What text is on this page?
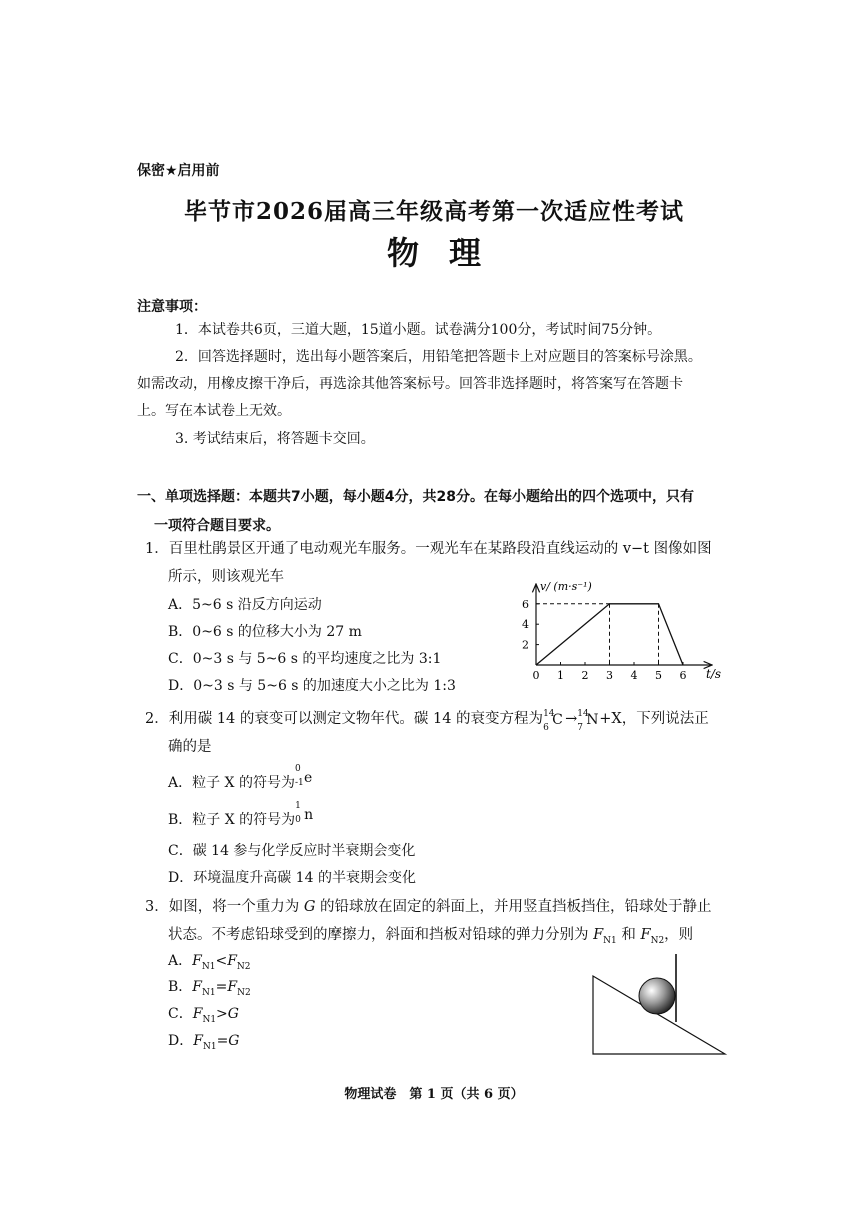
保密★启用前
毕节市2026届高三年级高考第一次适应性考试
物理
注意事项：
1．本试卷共6页，三道大题，15道小题。试卷满分100分，考试时间75分钟。
2．回答选择题时，选出每小题答案后，用铅笔把答题卡上对应题目的答案标号涂黑。
如需改动，用橡皮擦干净后，再选涂其他答案标号。回答非选择题时，将答案写在答题卡
上。写在本试卷上无效。
3. 考试结束后，将答题卡交回。
一、单项选择题：本题共7小题，每小题4分，共28分。在每小题给出的四个选项中，只有
一项符合题目要求。
1．百里杜鹃景区开通了电动观光车服务。一观光车在某路段沿直线运动的 v−t 图像如图
所示，则该观光车
A．5~6 s 沿反方向运动
B．0~6 s 的位移大小为 27 m
C．0~3 s 与 5~6 s 的平均速度之比为 3:1
D．0~3 s 与 5~6 s 的加速度大小之比为 1:3
v/ (m·s⁻¹)
t/s
0 1 2 3 4 5 6
2
4
6
2．利用碳 14 的衰变可以测定文物年代。碳 14 的衰变方程为 14
6 C → 14
7 N +X，下列说法正
确的是
A．粒子 X 的符号为
0
-1 e
B．粒子 X 的符号为
1
0 n
C．碳 14 参与化学反应时半衰期会变化
D．环境温度升高碳 14 的半衰期会变化
3．如图，将一个重力为 G 的铅球放在固定的斜面上，并用竖直挡板挡住，铅球处于静止
状态。不考虑铅球受到的摩擦力，斜面和挡板对铅球的弹力分别为 $F_{N1}$ 和 $F_{N2}$，则
A．$F_{N1}<F_{N2}$
B．$F_{N1}=F_{N2}$
C．$F_{N1}>G$
D．$F_{N1}=G$
物理试卷　第 1 页（共 6 页）
